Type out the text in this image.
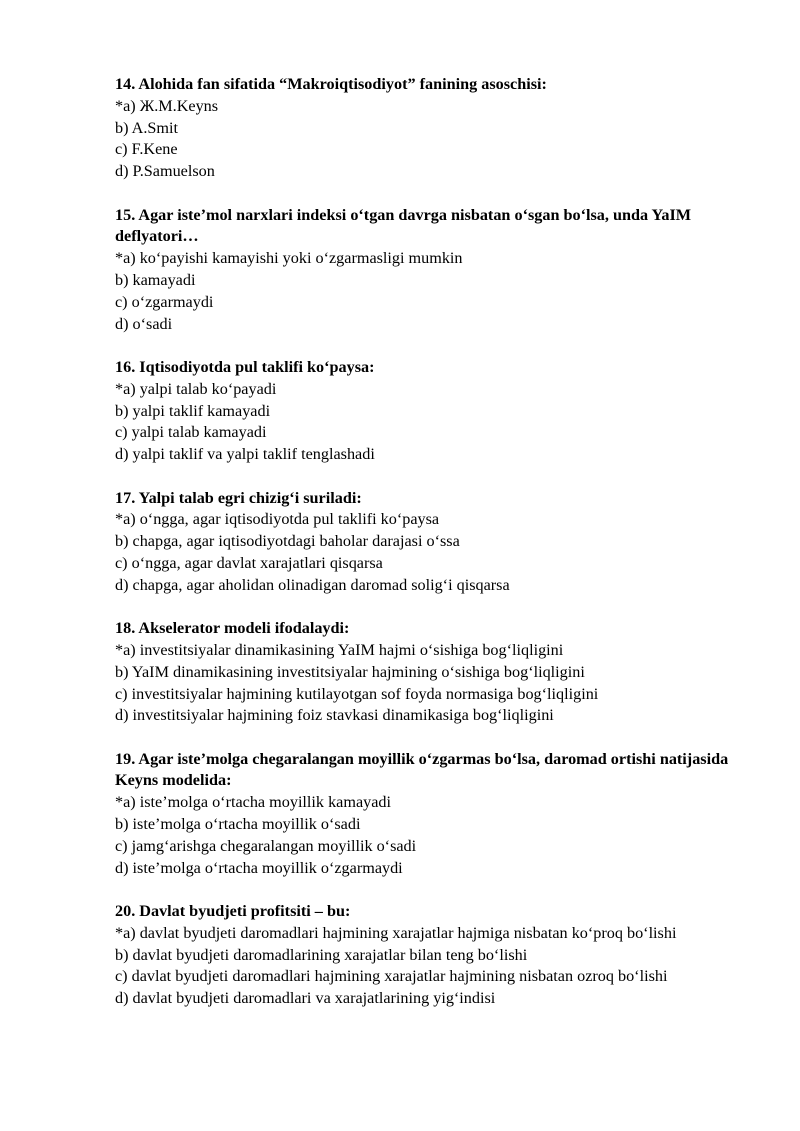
14. Alohida fan sifatida “Makroiqtisodiyot” fanining asoschisi:

*a) Ж.M.Keyns

b) A.Smit

c) F.Kene

d) P.Samuelson

15. Agar iste’mol narxlari indeksi o‘tgan davrga nisbatan o‘sgan bo‘lsa, unda YaIM deflyatori…

*a) ko‘payishi kamayishi yoki o‘zgarmasligi mumkin

b) kamayadi

c) o‘zgarmaydi

d) o‘sadi

16. Iqtisodiyotda pul taklifi ko‘paysa:

*a) yalpi talab ko‘payadi

b) yalpi taklif kamayadi

c) yalpi talab kamayadi

d) yalpi taklif va yalpi taklif tenglashadi

17. Yalpi talab egri chizig‘i suriladi:

*a) o‘ngga, agar iqtisodiyotda pul taklifi ko‘paysa

b) chapga, agar iqtisodiyotdagi baholar darajasi o‘ssa

c) o‘ngga, agar davlat xarajatlari qisqarsa

d) chapga, agar aholidan olinadigan daromad solig‘i qisqarsa

18. Akselerator modeli ifodalaydi:

*a) investitsiyalar dinamikasining YaIM hajmi o‘sishiga bog‘liqligini

b) YaIM dinamikasining investitsiyalar hajmining o‘sishiga bog‘liqligini

c) investitsiyalar hajmining kutilayotgan sof foyda normasiga bog‘liqligini

d) investitsiyalar hajmining foiz stavkasi dinamikasiga bog‘liqligini

19. Agar iste’molga chegaralangan moyillik o‘zgarmas bo‘lsa, daromad ortishi natijasida Keyns modelida:

*a) iste’molga o‘rtacha moyillik kamayadi

b) iste’molga o‘rtacha moyillik o‘sadi

c) jamg‘arishga chegaralangan moyillik o‘sadi

d) iste’molga o‘rtacha moyillik o‘zgarmaydi

20. Davlat byudjeti profitsiti – bu:

*a) davlat byudjeti daromadlari hajmining xarajatlar hajmiga nisbatan ko‘proq bo‘lishi

b) davlat byudjeti daromadlarining xarajatlar bilan teng bo‘lishi

c) davlat byudjeti daromadlari hajmining xarajatlar hajmining nisbatan ozroq bo‘lishi

d) davlat byudjeti daromadlari va xarajatlarining yig‘indisi
